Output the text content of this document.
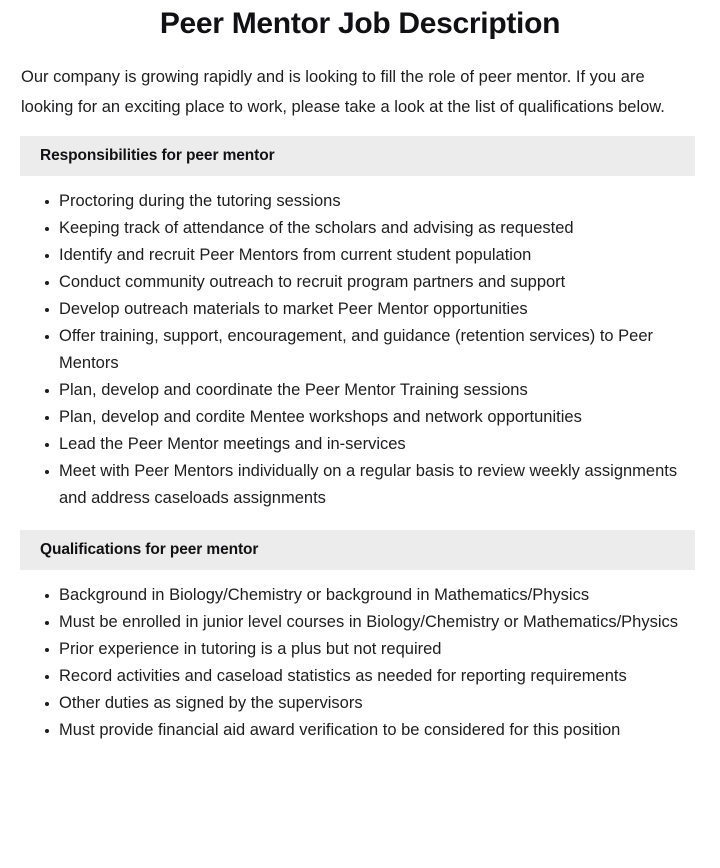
Peer Mentor Job Description

Our company is growing rapidly and is looking to fill the role of peer mentor. If you are looking for an exciting place to work, please take a look at the list of qualifications below.

Responsibilities for peer mentor
Proctoring during the tutoring sessions
Keeping track of attendance of the scholars and advising as requested
Identify and recruit Peer Mentors from current student population
Conduct community outreach to recruit program partners and support
Develop outreach materials to market Peer Mentor opportunities
Offer training, support, encouragement, and guidance (retention services) to Peer Mentors
Plan, develop and coordinate the Peer Mentor Training sessions
Plan, develop and cordite Mentee workshops and network opportunities
Lead the Peer Mentor meetings and in-services
Meet with Peer Mentors individually on a regular basis to review weekly assignments and address caseloads assignments
Qualifications for peer mentor
Background in Biology/Chemistry or background in Mathematics/Physics
Must be enrolled in junior level courses in Biology/Chemistry or Mathematics/Physics
Prior experience in tutoring is a plus but not required
Record activities and caseload statistics as needed for reporting requirements
Other duties as signed by the supervisors
Must provide financial aid award verification to be considered for this position
